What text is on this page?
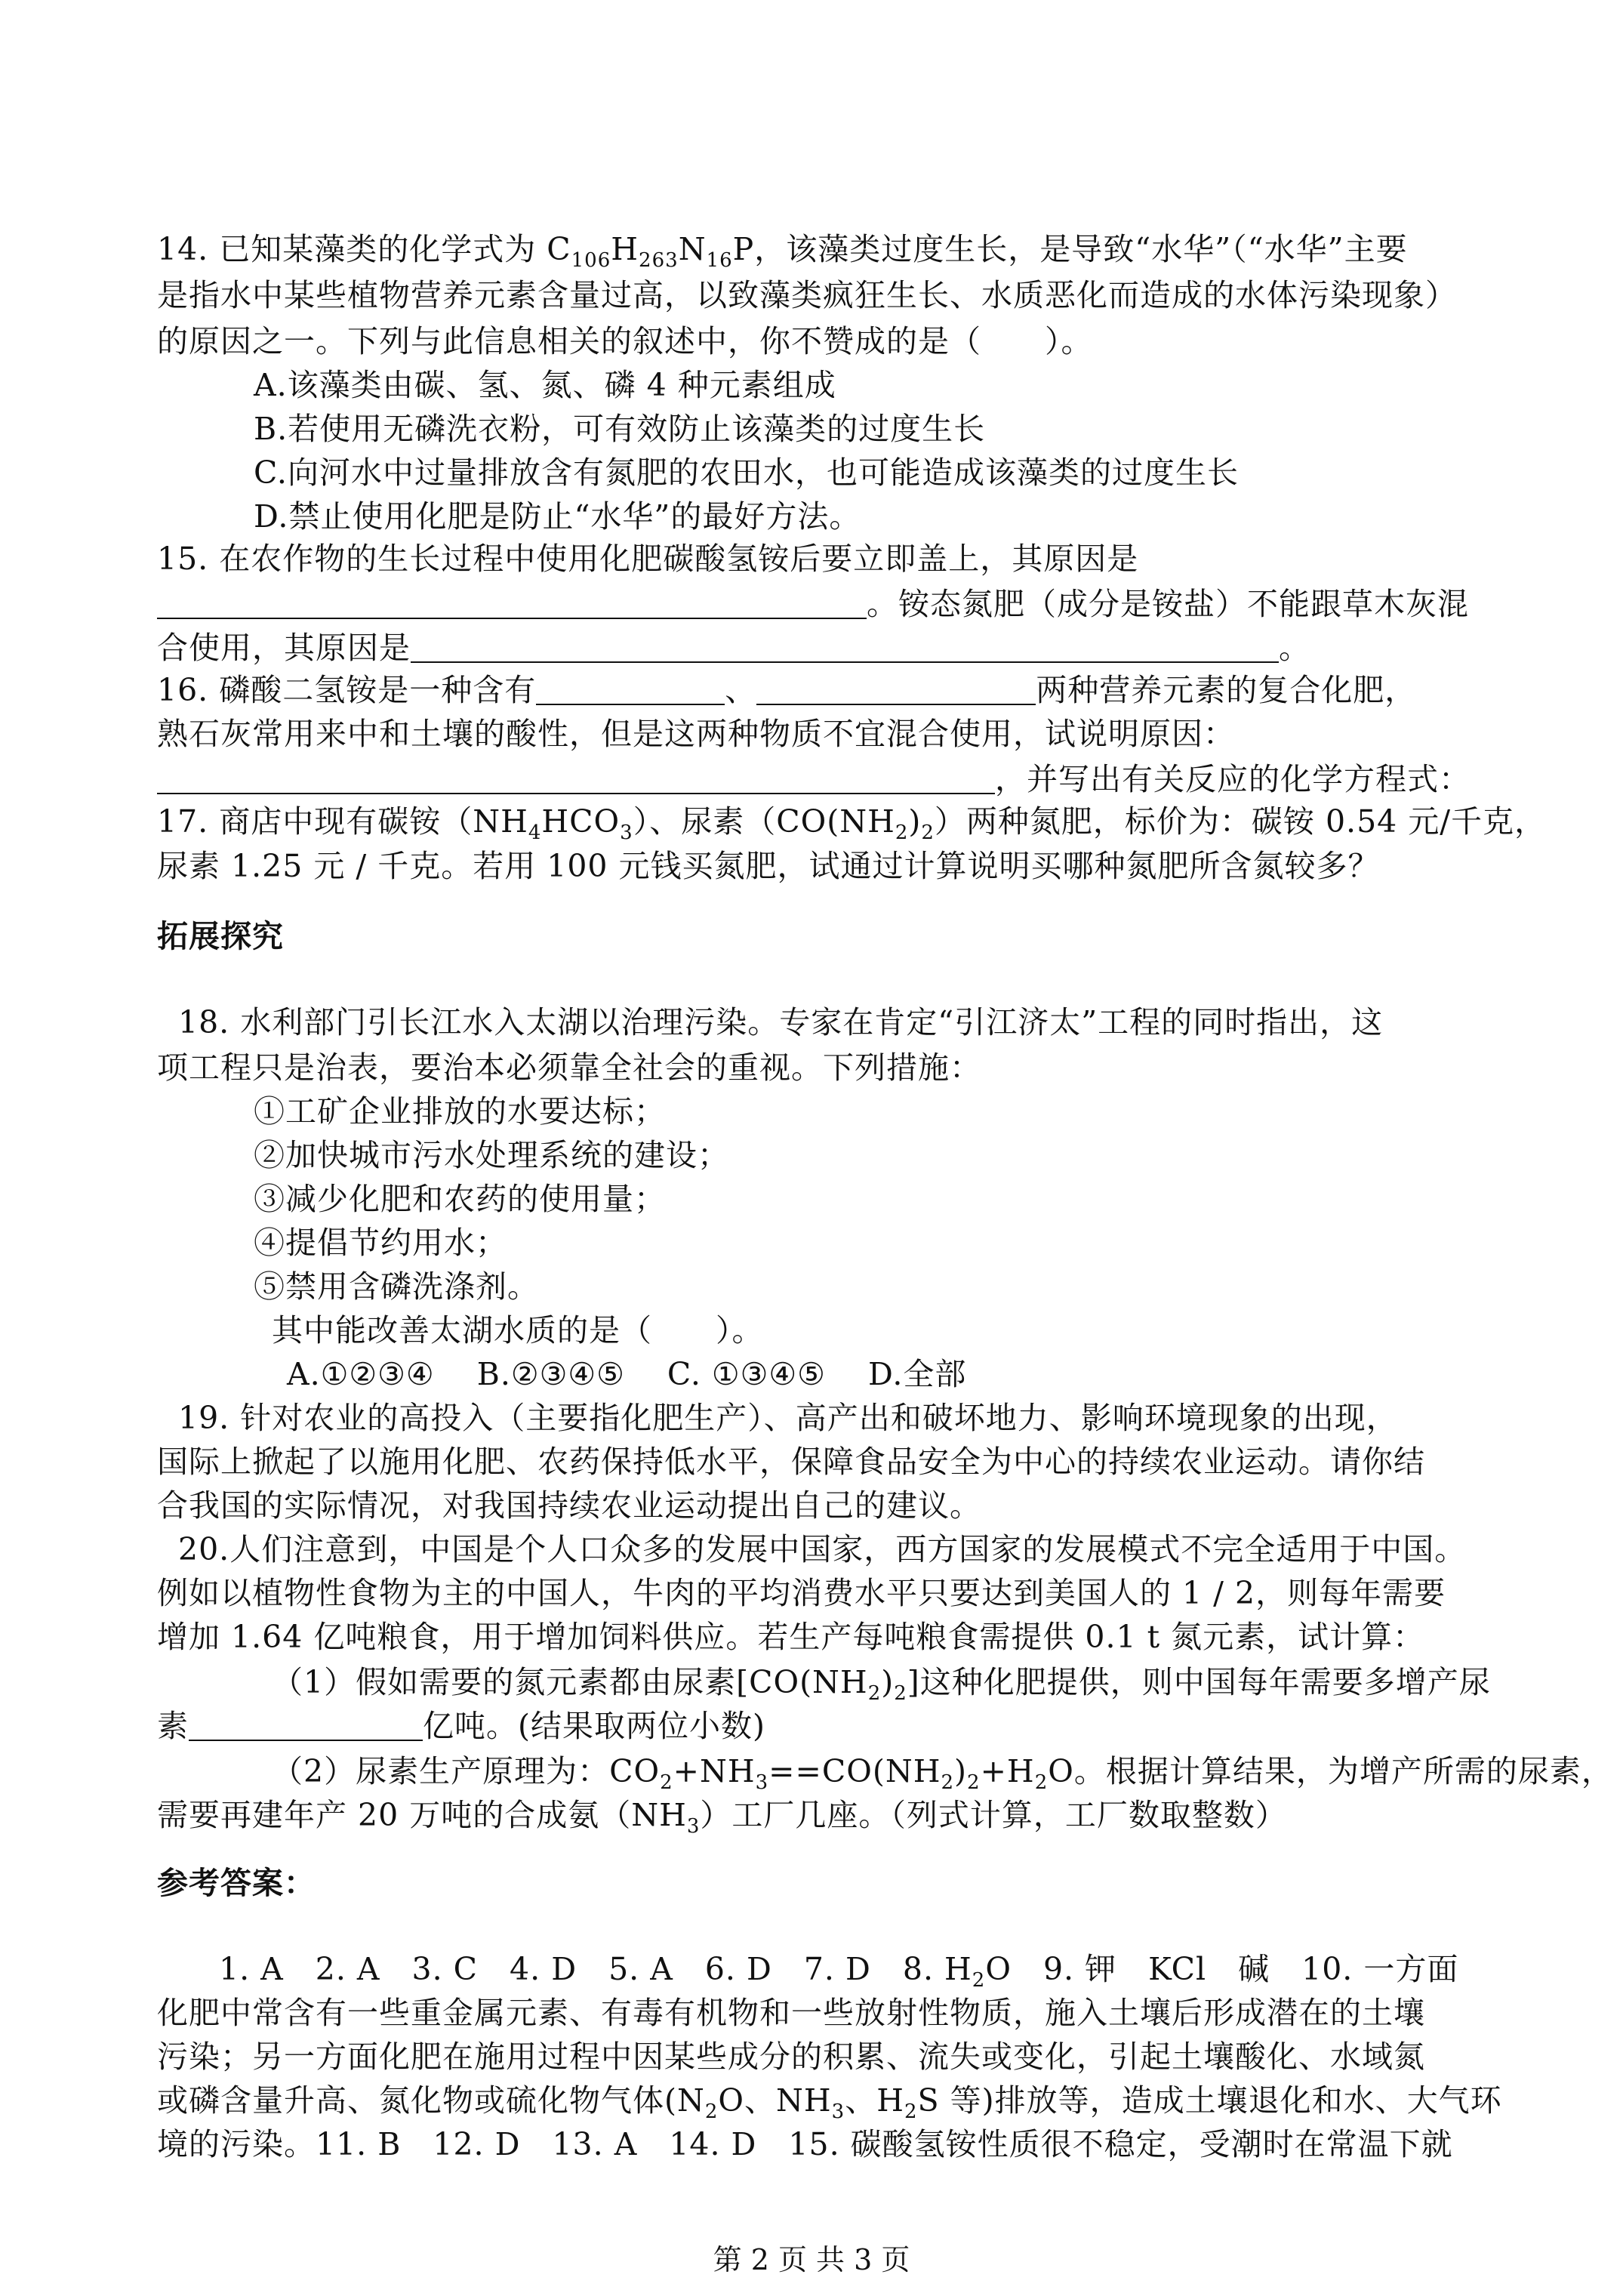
14. 已知某藻类的化学式为 $C_{106}H_{263}N_{16}P$，该藻类过度生长，是导致“水华”（“水华”主要
是指水中某些植物营养元素含量过高，以致藻类疯狂生长、水质恶化而造成的水体污染现象）
的原因之一。下列与此信息相关的叙述中，你不赞成的是（　　）。
A.该藻类由碳、氢、氮、磷 4 种元素组成
B.若使用无磷洗衣粉，可有效防止该藻类的过度生长
C.向河水中过量排放含有氮肥的农田水，也可能造成该藻类的过度生长
D.禁止使用化肥是防止“水华”的最好方法。
15. 在农作物的生长过程中使用化肥碳酸氢铵后要立即盖上，其原因是
。铵态氮肥（成分是铵盐）不能跟草木灰混
合使用，其原因是	。
16. 磷酸二氢铵是一种含有	、	两种营养元素的复合化肥，
熟石灰常用来中和土壤的酸性，但是这两种物质不宜混合使用，试说明原因：
，并写出有关反应的化学方程式：
17. 商店中现有碳铵$(NH_4HCO_3)$、尿素$(CO(NH_2)_2)$两种氮肥，标价为：碳铵 0.54 元/千克，
尿素 1.25 元 / 千克。若用 100 元钱买氮肥，试通过计算说明买哪种氮肥所含氮较多？
拓展探究
18. 水利部门引长江水入太湖以治理污染。专家在肯定“引江济太”工程的同时指出，这
项工程只是治表，要治本必须靠全社会的重视。下列措施：
①工矿企业排放的水要达标；
②加快城市污水处理系统的建设；
③减少化肥和农药的使用量；
④提倡节约用水；
⑤禁用含磷洗涤剂。
其中能改善太湖水质的是（　　）。
A.①②③④　 B.②③④⑤　 C. ①③④⑤　 D.全部
19. 针对农业的高投入（主要指化肥生产）、高产出和破坏地力、影响环境现象的出现，
国际上掀起了以施用化肥、农药保持低水平，保障食品安全为中心的持续农业运动。请你结
合我国的实际情况，对我国持续农业运动提出自己的建议。
20.人们注意到，中国是个人口众多的发展中国家，西方国家的发展模式不完全适用于中国。
例如以植物性食物为主的中国人，牛肉的平均消费水平只要达到美国人的 1 / 2，则每年需要
增加 1.64 亿吨粮食，用于增加饲料供应。若生产每吨粮食需提供 0.1 t 氮元素，试计算：
（1）假如需要的氮元素都由尿素$[CO(NH_2)_2]$这种化肥提供，则中国每年需要多增产尿
素	亿吨。(结果取两位小数)
（2）尿素生产原理为：$CO_2+NH_3==CO(NH_2)_2+H_2O$。根据计算结果，为增产所需的尿素，
需要再建年产 20 万吨的合成氨$(NH_3)$工厂几座。（列式计算，工厂数取整数）
参考答案：
1. A　2. A　3. C　4. D　5. A　6. D　7. D　8. $H_2O$　9. 钾　KCl　碱　10. 一方面
化肥中常含有一些重金属元素、有毒有机物和一些放射性物质，施入土壤后形成潜在的土壤
污染；另一方面化肥在施用过程中因某些成分的积累、流失或变化，引起土壤酸化、水域氮
或磷含量升高、氮化物或硫化物气体($N_2O$、$NH_3$、$H_2S$ 等)排放等，造成土壤退化和水、大气环
境的污染。11. B　12. D　13. A　14. D　15. 碳酸氢铵性质很不稳定，受潮时在常温下就
第 2 页 共 3 页
